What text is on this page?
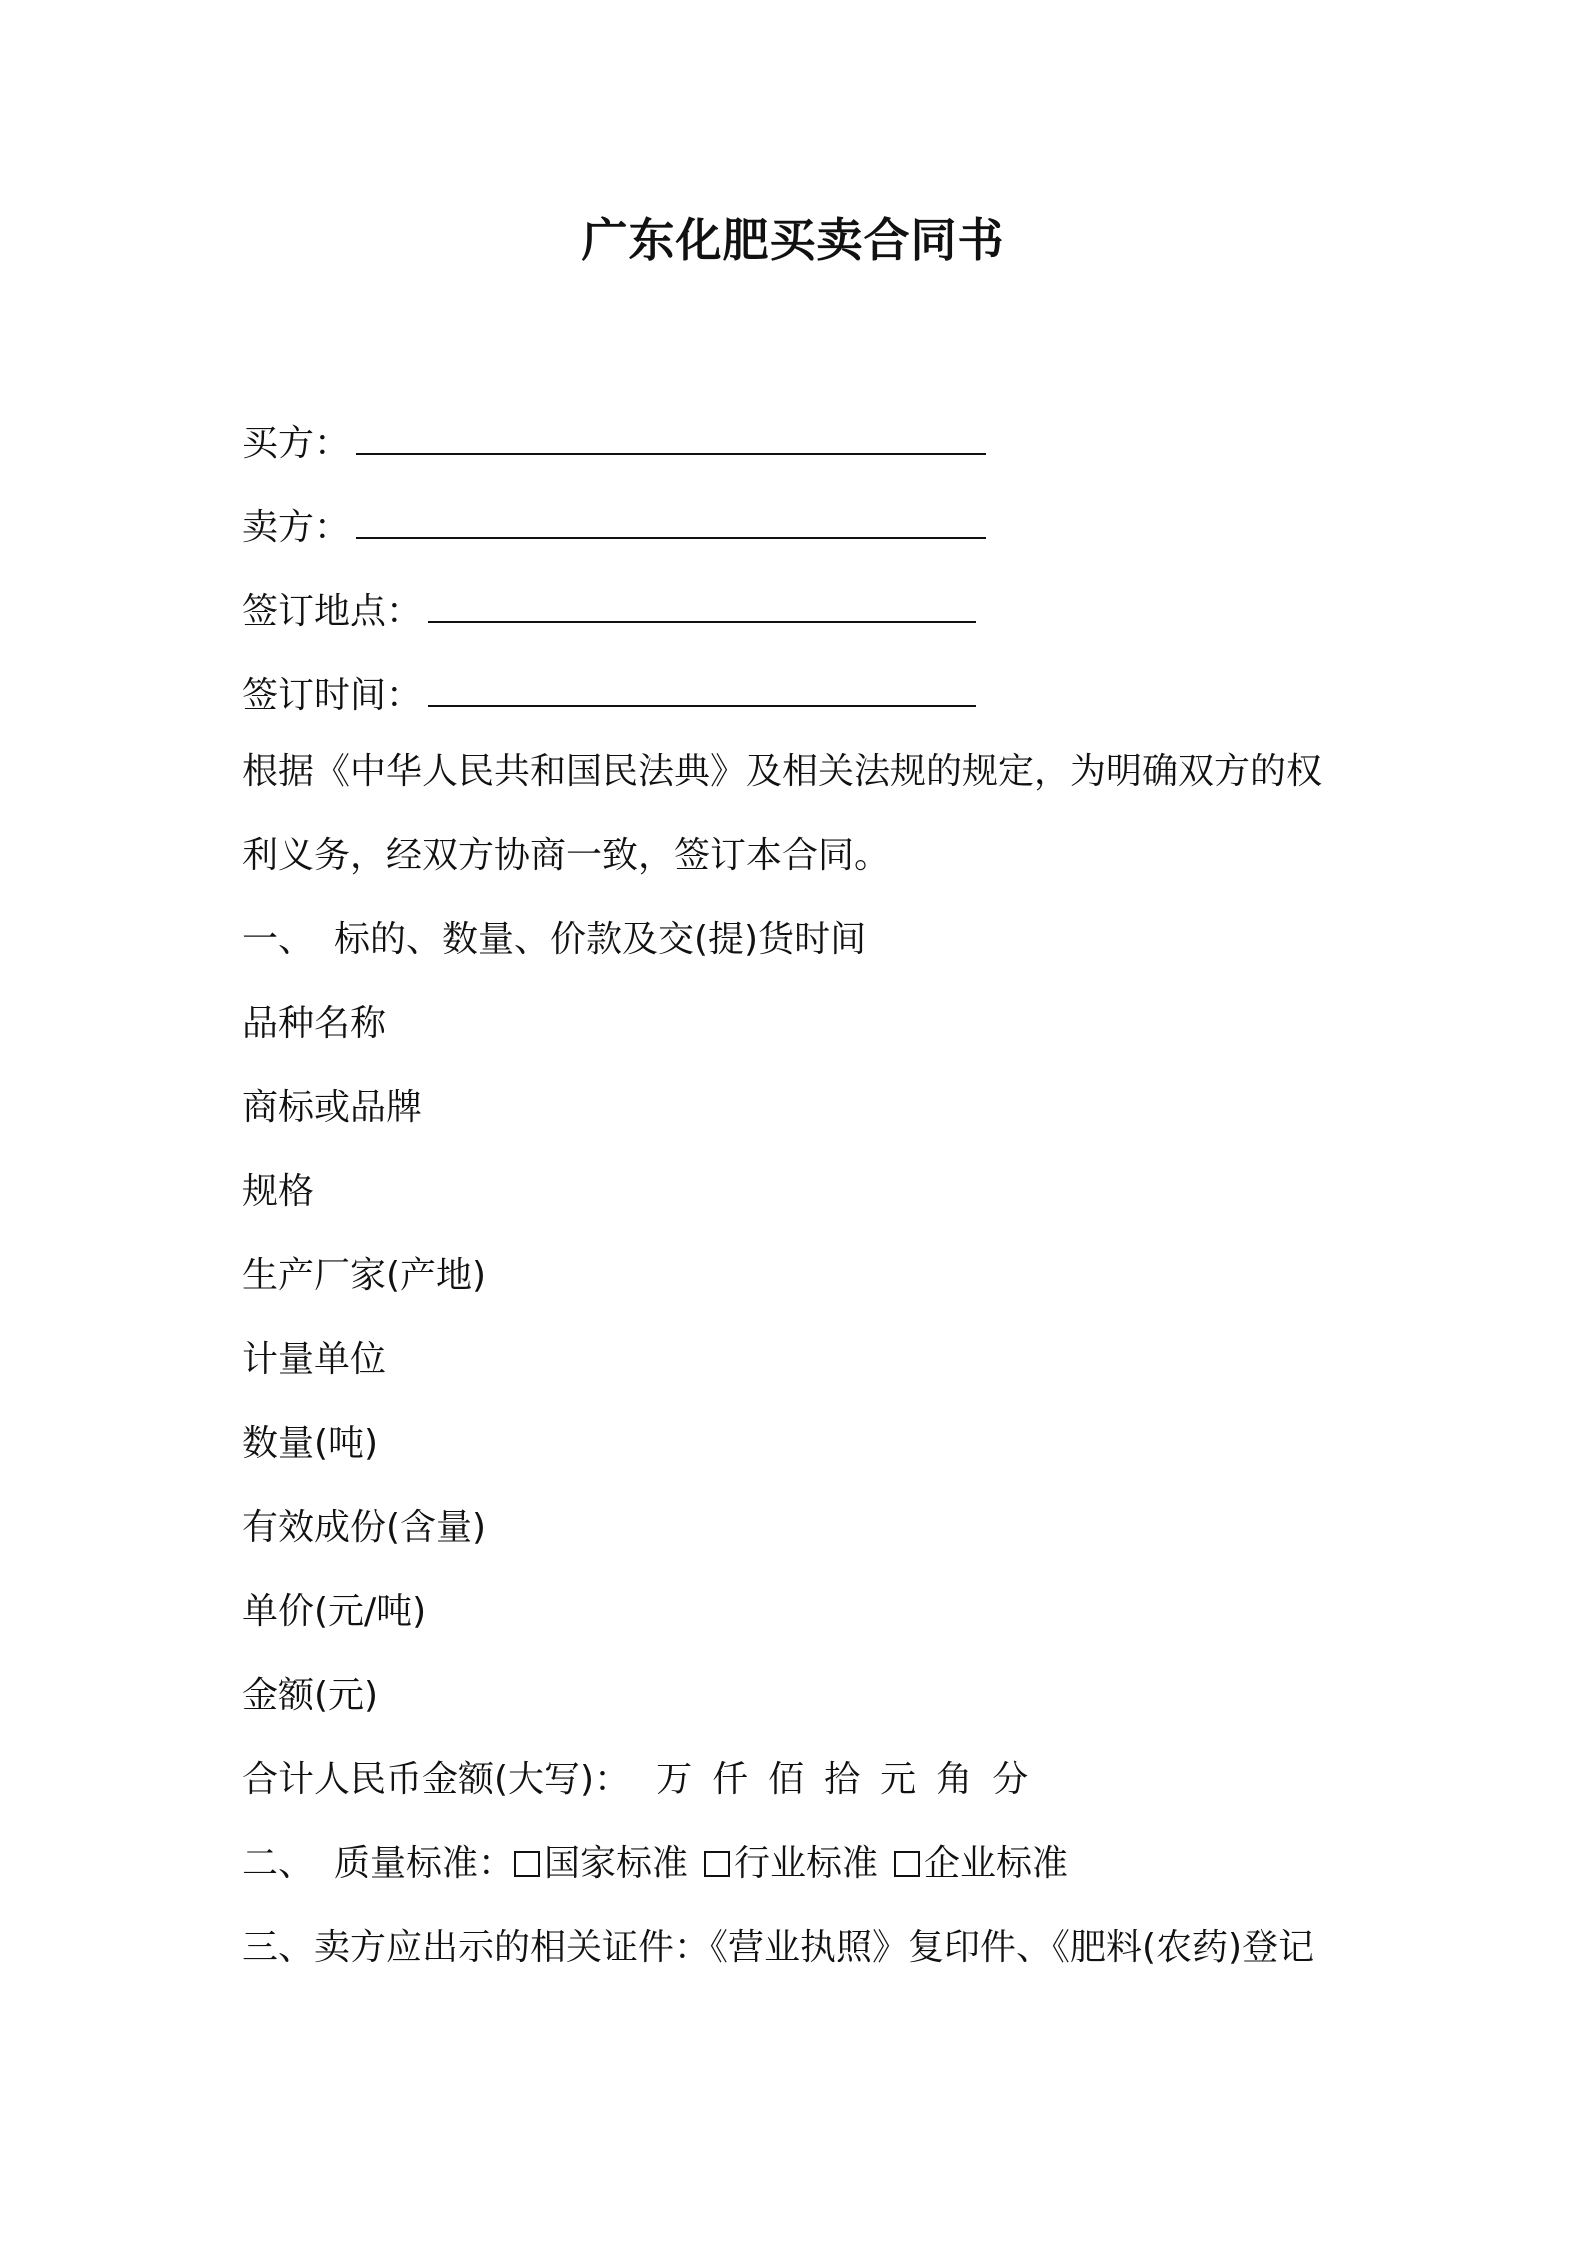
广东化肥买卖合同书
买方：
卖方：
签订地点：
签订时间：
根据《中华人民共和国民法典》及相关法规的规定，为明确双方的权
利义务，经双方协商一致，签订本合同。
一、 标的、数量、价款及交(提)货时间
品种名称
商标或品牌
规格
生产厂家(产地)
计量单位
数量(吨)
有效成份(含量)
单价(元/吨)
金额(元)
合计人民币金额(大写)： 万 仟 佰 拾 元 角 分
二、 质量标准： 国家标准 行业标准 企业标准
三、卖方应出示的相关证件：《营业执照》复印件、《肥料(农药)登记
